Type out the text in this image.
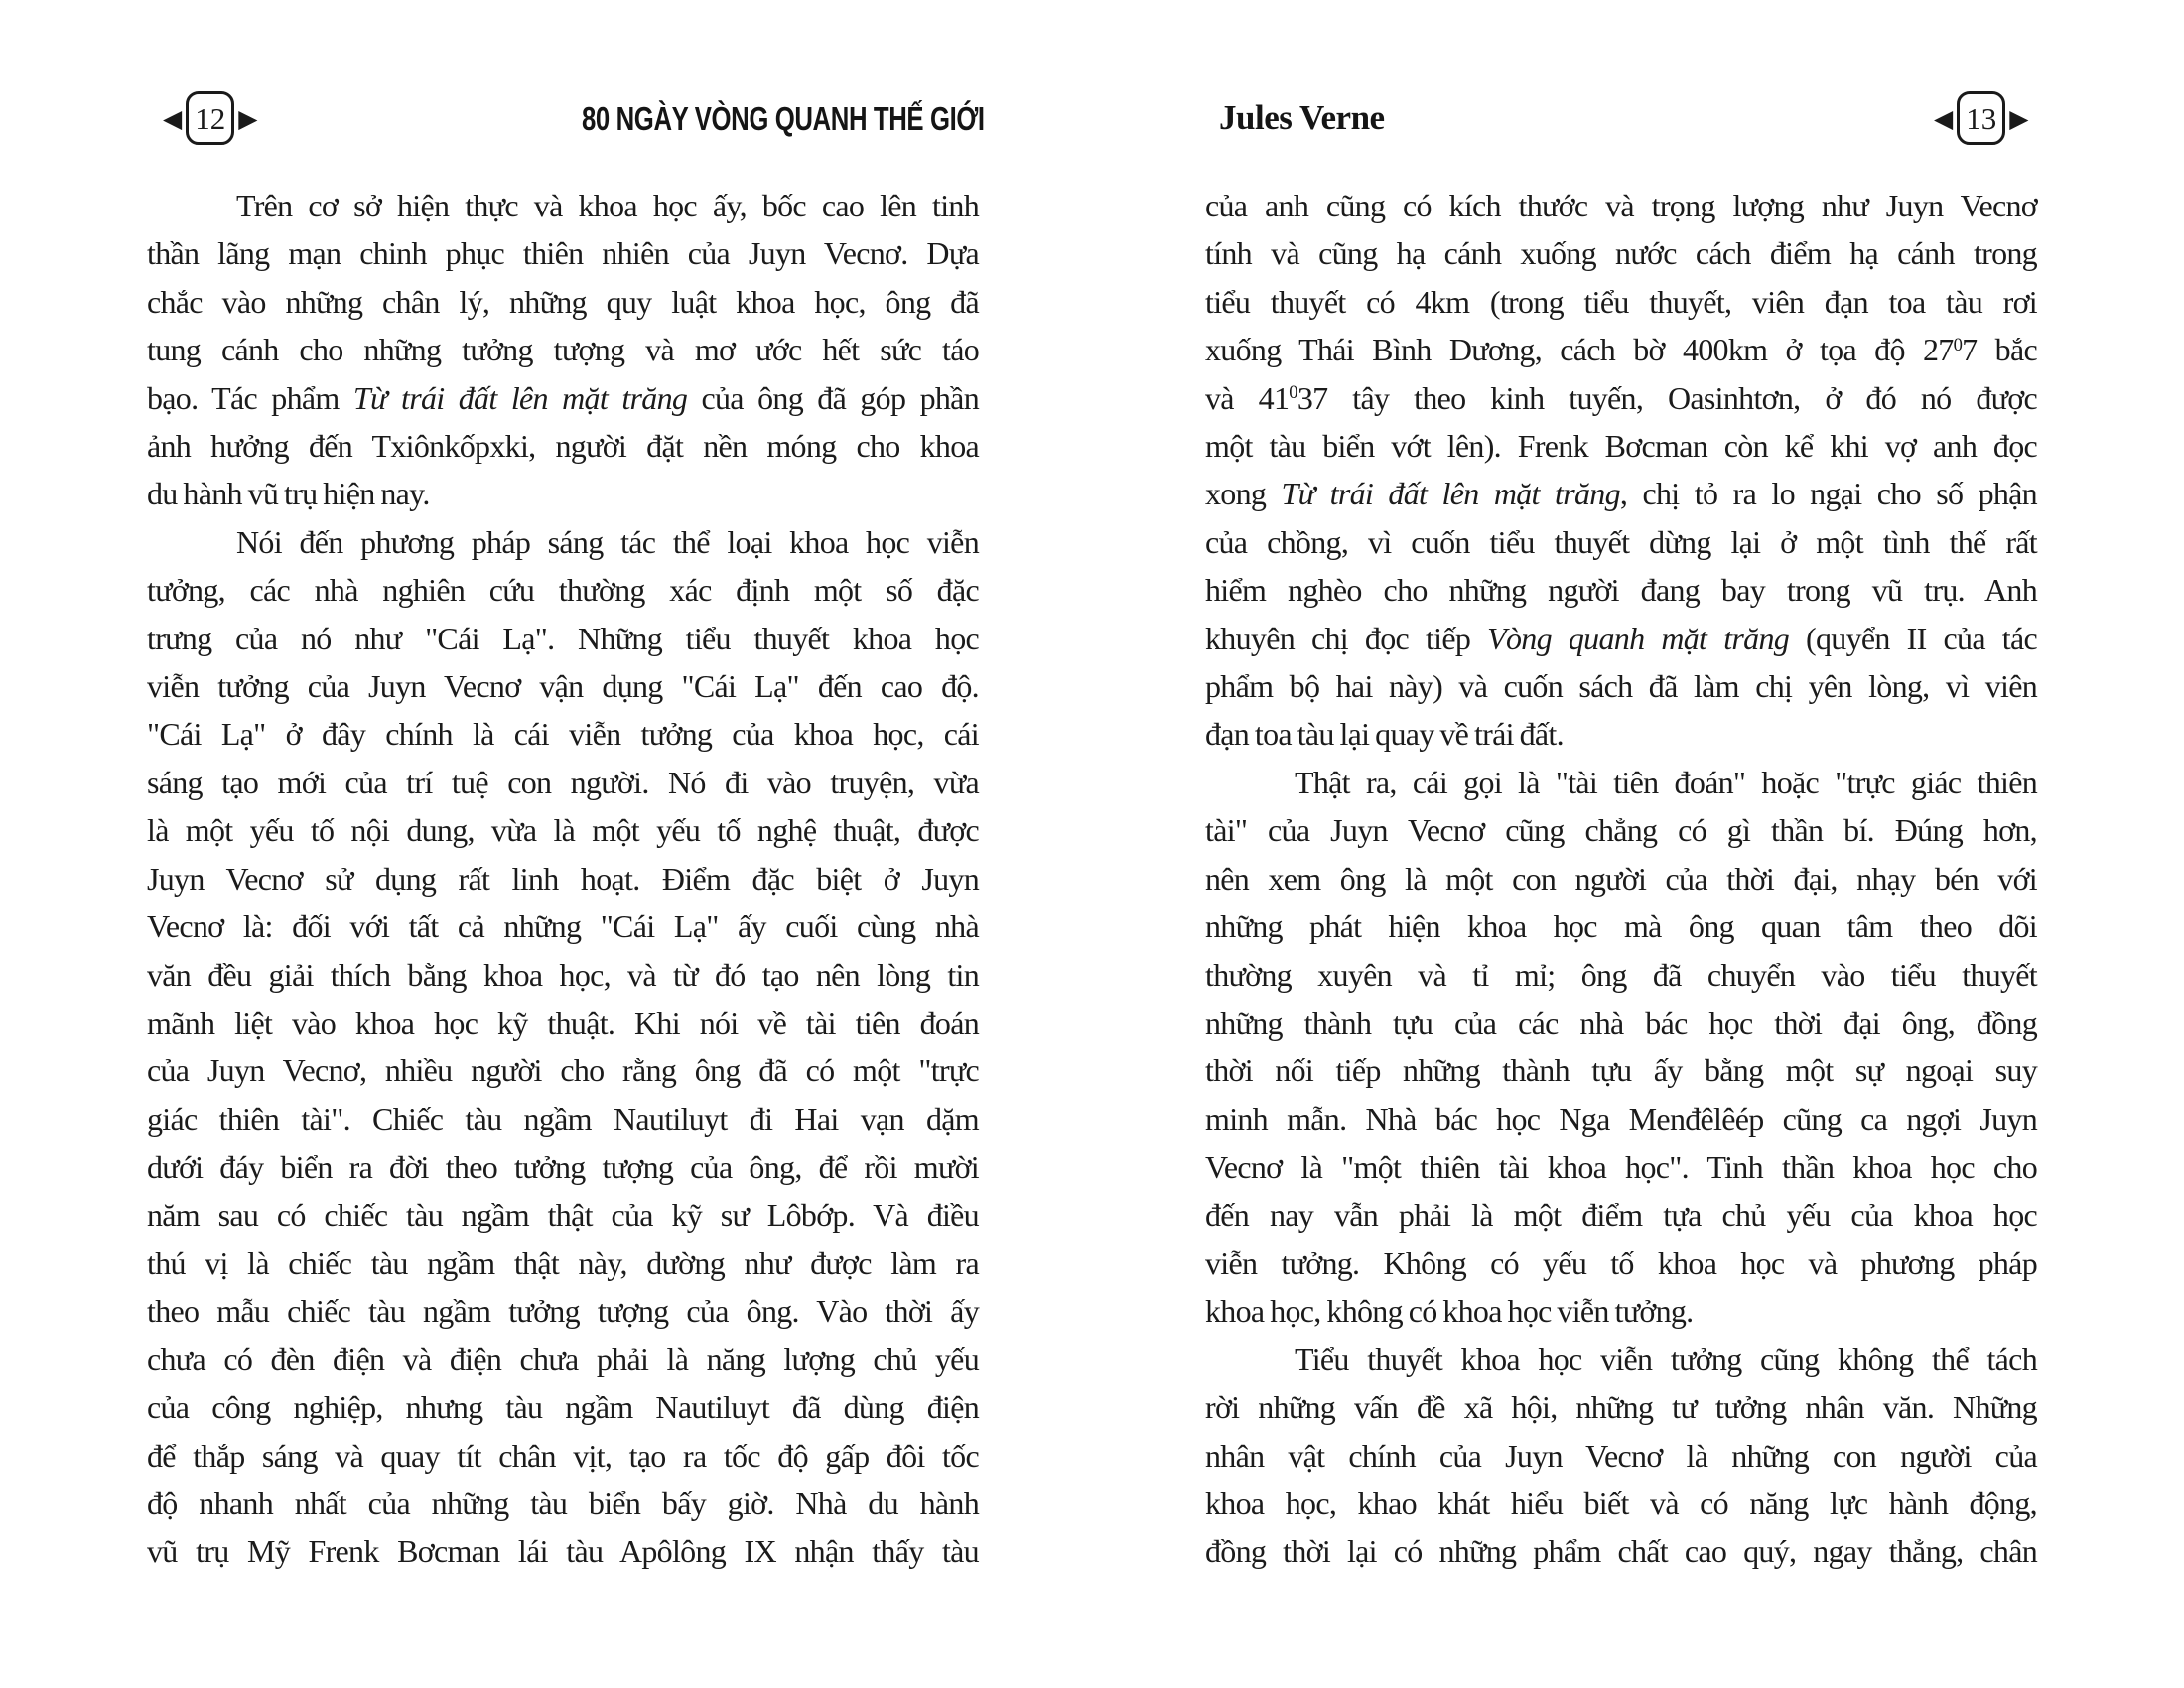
◀ 12 ▶	80 NGÀY VÒNG QUANH THẾ GIỚI	Jules Verne	◀ 13 ▶
Trên cơ sở hiện thực và khoa học ấy, bốc cao lên tinh
thần lãng mạn chinh phục thiên nhiên của Juyn Vecnơ. Dựa
chắc vào những chân lý, những quy luật khoa học, ông đã
tung cánh cho những tưởng tượng và mơ ước hết sức táo
bạo. Tác phẩm Từ trái đất lên mặt trăng của ông đã góp phần
ảnh hưởng đến Txiônkốpxki, người đặt nền móng cho khoa
du hành vũ trụ hiện nay.
Nói đến phương pháp sáng tác thể loại khoa học viễn
tưởng, các nhà nghiên cứu thường xác định một số đặc
trưng của nó như "Cái Lạ". Những tiểu thuyết khoa học
viễn tưởng của Juyn Vecnơ vận dụng "Cái Lạ" đến cao độ.
"Cái Lạ" ở đây chính là cái viễn tưởng của khoa học, cái
sáng tạo mới của trí tuệ con người. Nó đi vào truyện, vừa
là một yếu tố nội dung, vừa là một yếu tố nghệ thuật, được
Juyn Vecnơ sử dụng rất linh hoạt. Điểm đặc biệt ở Juyn
Vecnơ là: đối với tất cả những "Cái Lạ" ấy cuối cùng nhà
văn đều giải thích bằng khoa học, và từ đó tạo nên lòng tin
mãnh liệt vào khoa học kỹ thuật. Khi nói về tài tiên đoán
của Juyn Vecnơ, nhiều người cho rằng ông đã có một "trực
giác thiên tài". Chiếc tàu ngầm Nautiluyt đi Hai vạn dặm
dưới đáy biển ra đời theo tưởng tượng của ông, để rồi mười
năm sau có chiếc tàu ngầm thật của kỹ sư Lôbớp. Và điều
thú vị là chiếc tàu ngầm thật này, dường như được làm ra
theo mẫu chiếc tàu ngầm tưởng tượng của ông. Vào thời ấy
chưa có đèn điện và điện chưa phải là năng lượng chủ yếu
của công nghiệp, nhưng tàu ngầm Nautiluyt đã dùng điện
để thắp sáng và quay tít chân vịt, tạo ra tốc độ gấp đôi tốc
độ nhanh nhất của những tàu biển bấy giờ. Nhà du hành
vũ trụ Mỹ Frenk Bơcman lái tàu Apôlông IX nhận thấy tàu
của anh cũng có kích thước và trọng lượng như Juyn Vecnơ
tính và cũng hạ cánh xuống nước cách điểm hạ cánh trong
tiểu thuyết có 4km (trong tiểu thuyết, viên đạn toa tàu rơi
xuống Thái Bình Dương, cách bờ 400km ở tọa độ $27^07$ bắc
và $41^037$ tây theo kinh tuyến, Oasinhtơn, ở đó nó được
một tàu biển vớt lên). Frenk Bơcman còn kể khi vợ anh đọc
xong Từ trái đất lên mặt trăng, chị tỏ ra lo ngại cho số phận
của chồng, vì cuốn tiểu thuyết dừng lại ở một tình thế rất
hiểm nghèo cho những người đang bay trong vũ trụ. Anh
khuyên chị đọc tiếp Vòng quanh mặt trăng (quyển II của tác
phẩm bộ hai này) và cuốn sách đã làm chị yên lòng, vì viên
đạn toa tàu lại quay về trái đất.
Thật ra, cái gọi là "tài tiên đoán" hoặc "trực giác thiên
tài" của Juyn Vecnơ cũng chẳng có gì thần bí. Đúng hơn,
nên xem ông là một con người của thời đại, nhạy bén với
những phát hiện khoa học mà ông quan tâm theo dõi
thường xuyên và tỉ mỉ; ông đã chuyển vào tiểu thuyết
những thành tựu của các nhà bác học thời đại ông, đồng
thời nối tiếp những thành tựu ấy bằng một sự ngoại suy
minh mẫn. Nhà bác học Nga Menđêlêép cũng ca ngợi Juyn
Vecnơ là "một thiên tài khoa học". Tinh thần khoa học cho
đến nay vẫn phải là một điểm tựa chủ yếu của khoa học
viễn tưởng. Không có yếu tố khoa học và phương pháp
khoa học, không có khoa học viễn tưởng.
Tiểu thuyết khoa học viễn tưởng cũng không thể tách
rời những vấn đề xã hội, những tư tưởng nhân văn. Những
nhân vật chính của Juyn Vecnơ là những con người của
khoa học, khao khát hiểu biết và có năng lực hành động,
đồng thời lại có những phẩm chất cao quý, ngay thẳng, chân
